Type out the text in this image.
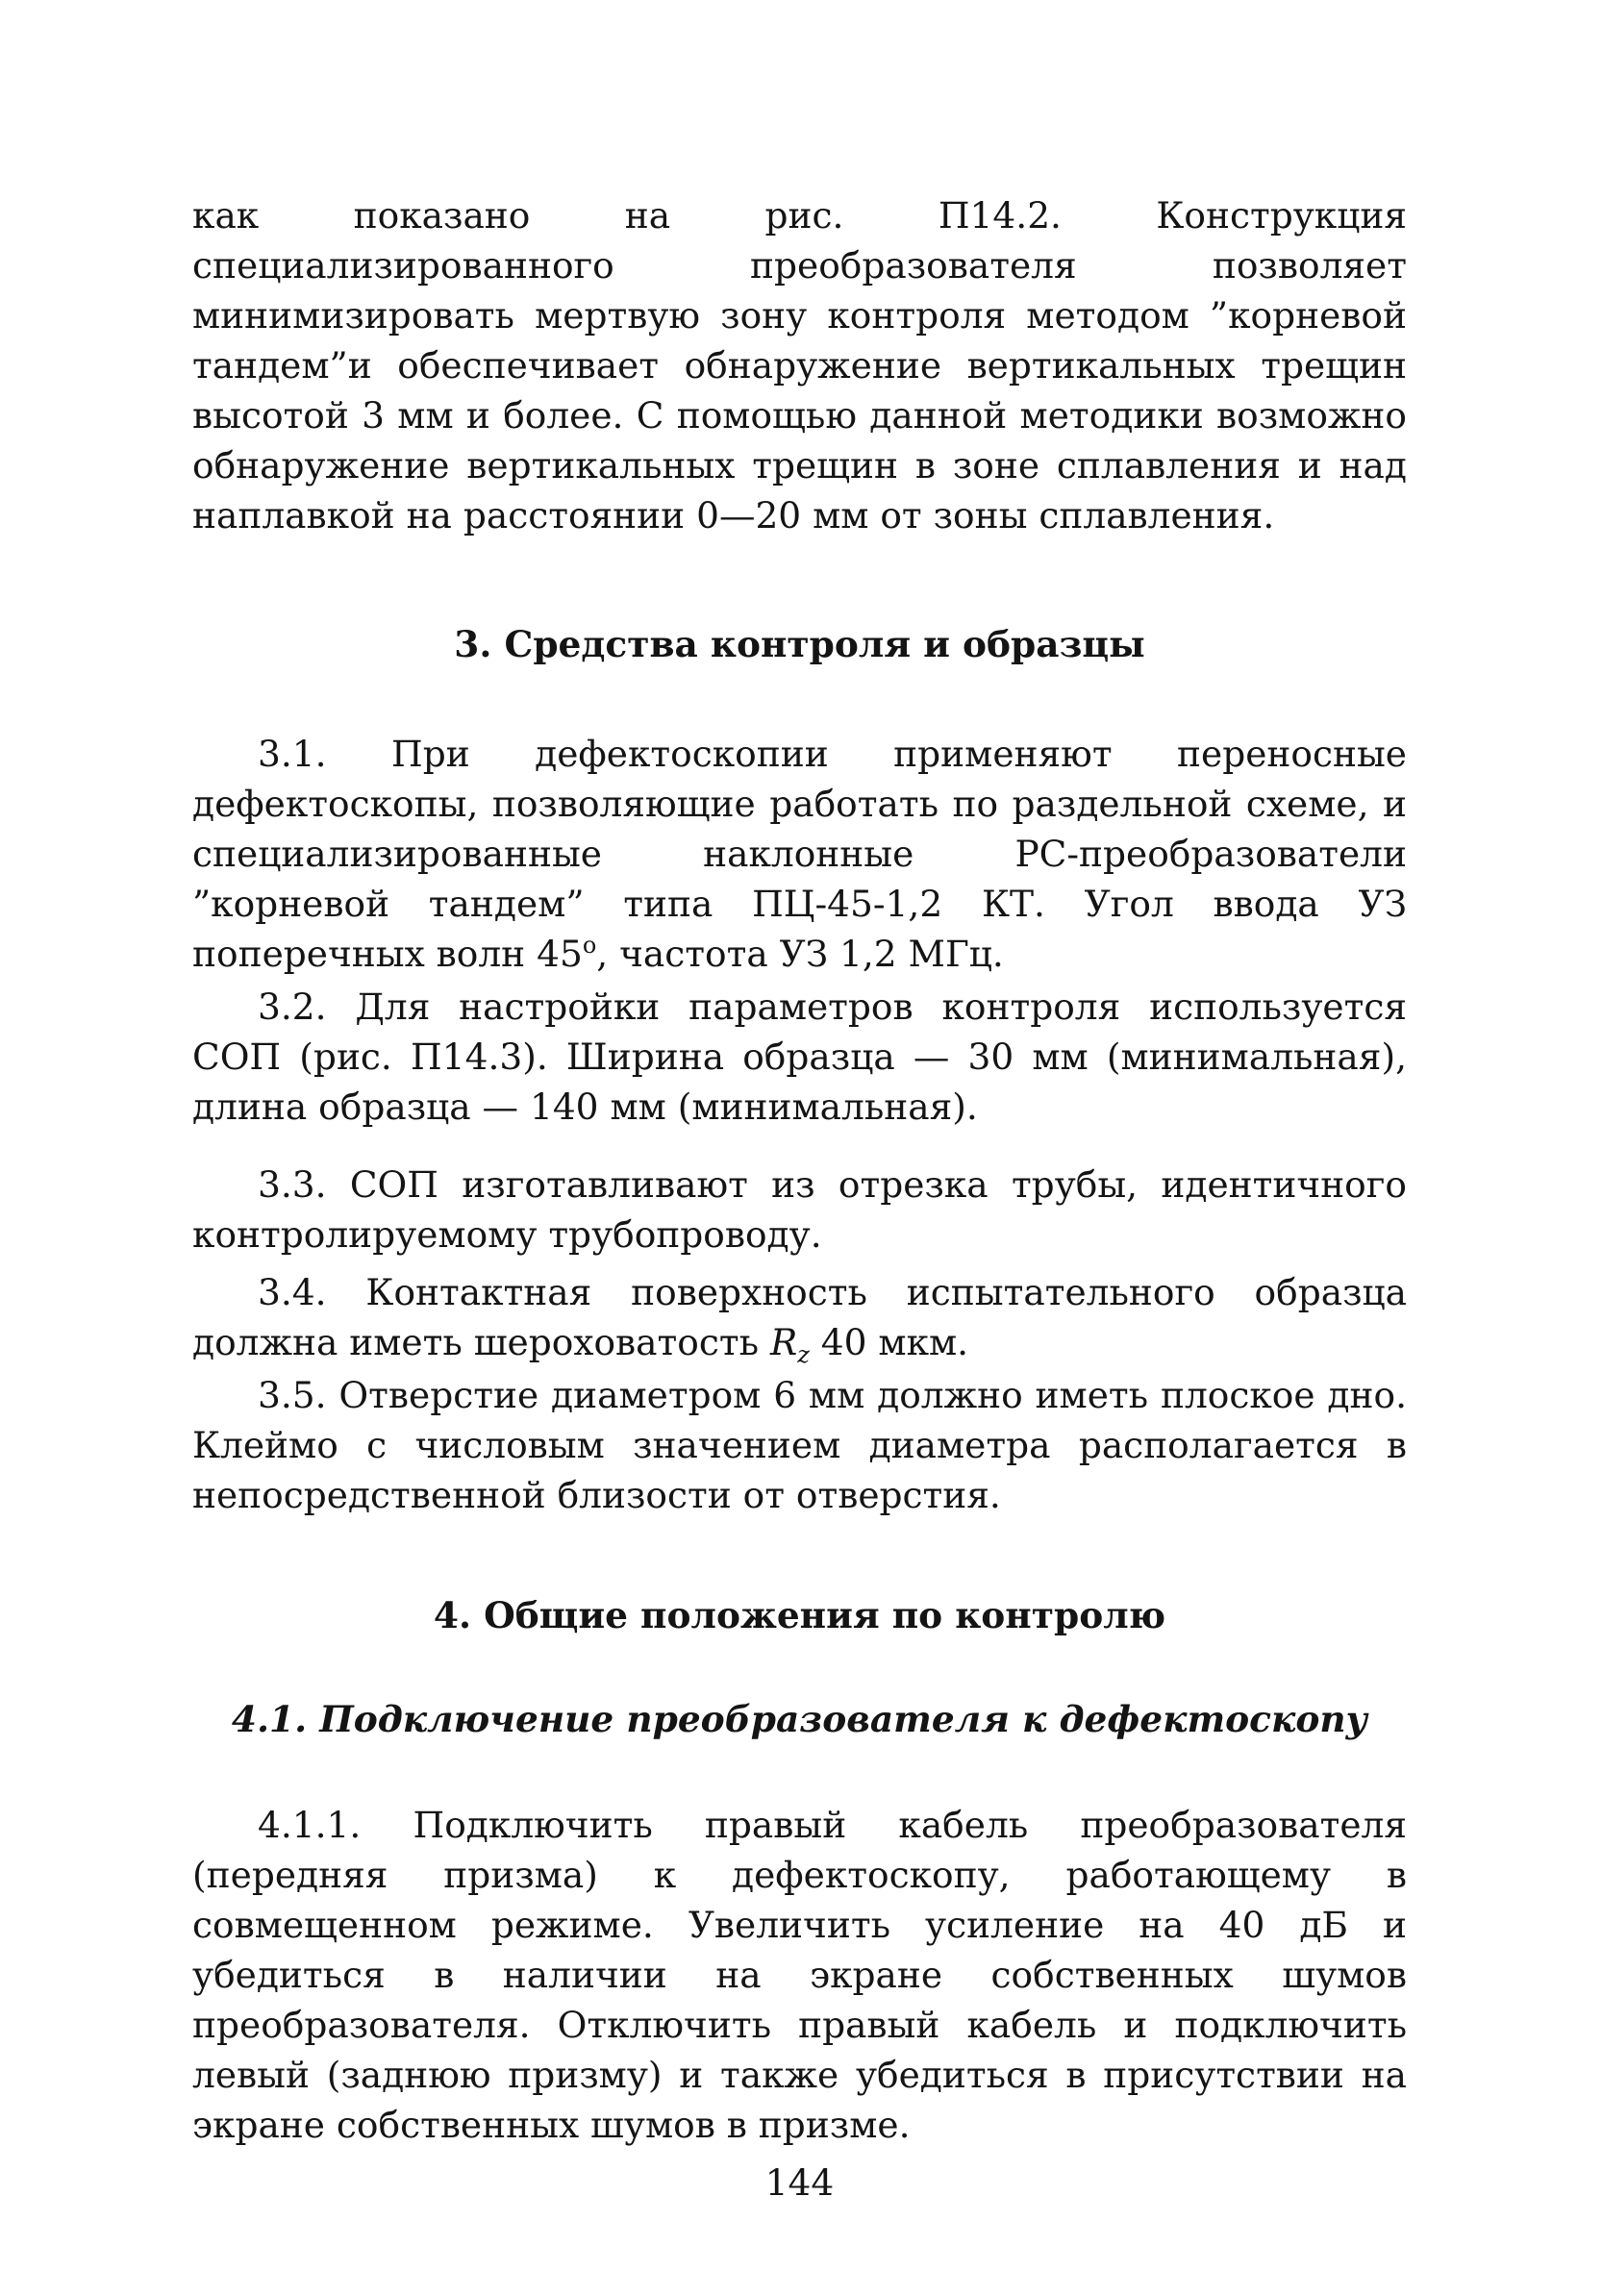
как показано на рис. П14.2. Конструкция специализированного преобразователя позволяет минимизировать мертвую зону контроля методом ”корневой тандем”и обеспечивает обнаружение вертикальных трещин высотой 3 мм и более. С помощью данной методики возможно обнаружение вертикальных трещин в зоне сплавления и над наплавкой на расстоянии 0—20 мм от зоны сплавления.

3. Средства контроля и образцы

3.1. При дефектоскопии применяют переносные дефектоскопы, позволяющие работать по раздельной схеме, и специализированные наклонные РС-преобразователи ”корневой тандем” типа ПЦ-45-1,2 КТ. Угол ввода УЗ поперечных волн $45^о$, частота УЗ 1,2 МГц.

3.2. Для настройки параметров контроля используется СОП (рис. П14.3). Ширина образца — 30 мм (минимальная), длина образца — 140 мм (минимальная).

3.3. СОП изготавливают из отрезка трубы, идентичного контролируемому трубопроводу.

3.4. Контактная поверхность испытательного образца должна иметь шероховатость $R_z$ 40 мкм.

3.5. Отверстие диаметром 6 мм должно иметь плоское дно. Клеймо с числовым значением диаметра располагается в непосредственной близости от отверстия.

4. Общие положения по контролю
4.1. Подключение преобразователя к дефектоскопу

4.1.1. Подключить правый кабель преобразователя (передняя призма) к дефектоскопу, работающему в совмещенном режиме. Увеличить усиление на 40 дБ и убедиться в наличии на экране собственных шумов преобразователя. Отключить правый кабель и подключить левый (заднюю призму) и также убедиться в присутствии на экране собственных шумов в призме.

144
